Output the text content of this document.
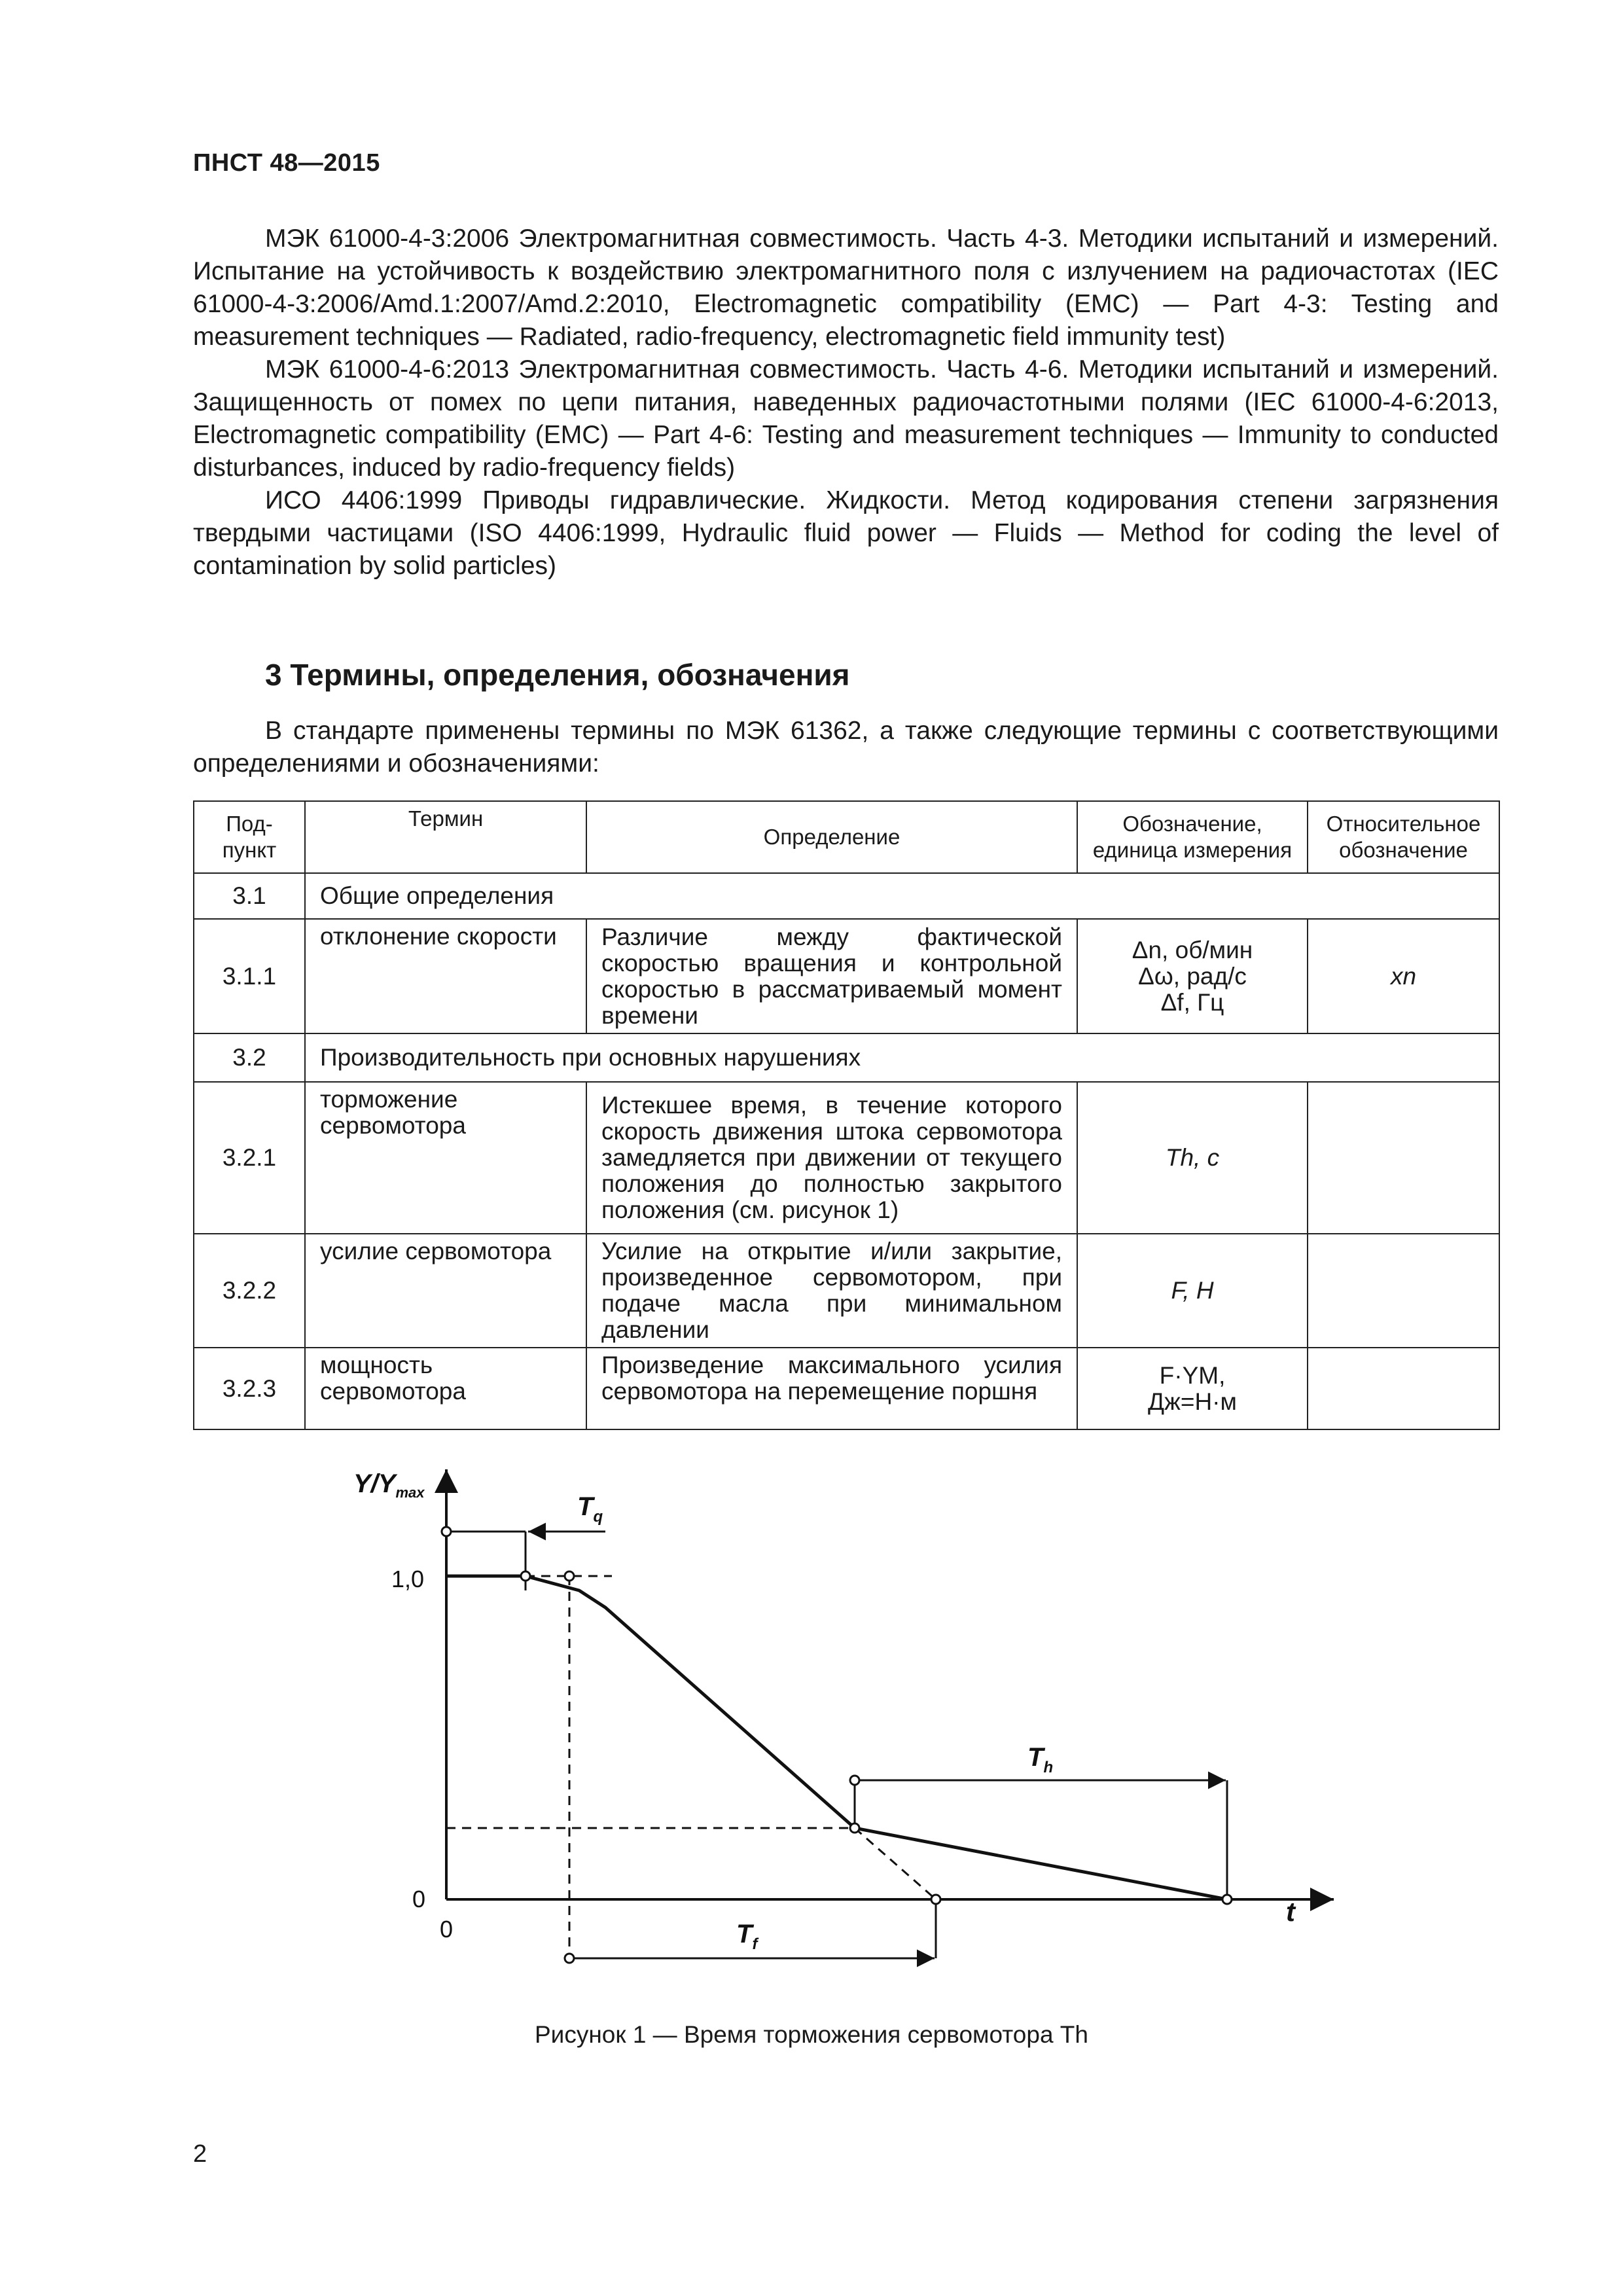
ПНСТ 48—2015

МЭК 61000-4-3:2006 Электромагнитная совместимость. Часть 4-3. Методики испытаний и измерений. Испытание на устойчивость к воздействию электромагнитного поля с излучением на радиочастотах (IEC 61000-4-3:2006/Amd.1:2007/Amd.2:2010, Electromagnetic compatibility (EMC) — Part 4-3: Testing and measurement techniques — Radiated, radio-frequency, electromagnetic field immunity test)

МЭК 61000-4-6:2013 Электромагнитная совместимость. Часть 4-6. Методики испытаний и измерений. Защищенность от помех по цепи питания, наведенных радиочастотными полями (IEC 61000-4-6:2013, Electromagnetic compatibility (EMC) — Part 4-6: Testing and measurement techniques — Immunity to conducted disturbances, induced by radio-frequency fields)

ИСО 4406:1999 Приводы гидравлические. Жидкости. Метод кодирования степени загрязнения твердыми частицами (ISO 4406:1999, Hydraulic fluid power — Fluids — Method for coding the level of contamination by solid particles)

3 Термины, определения, обозначения

В стандарте применены термины по МЭК 61362, а также следующие термины с соответствующими определениями и обозначениями:

Под-пункт	Термин	Определение	Обозначение, единица измерения	Относительное обозначение
3.1	Общие определения			
3.1.1	отклонение скорости	Различие между фактической скоростью вращения и контрольной скоростью в рассматриваемый момент времени	Δn, об/мин
Δω, рад/с
Δf, Гц	xn
3.2	Производительность при основных нарушениях			
3.2.1	торможение сервомотора	Истекшее время, в течение которого скорость движения штока сервомотора замедляется при движении от текущего положения до полностью закрытого положения (см. рисунок 1)	Th, с	
3.2.2	усилие сервомотора	Усилие на открытие и/или закрытие, произведенное сервомотором, при подаче масла при минимальном давлении	F, Н	
3.2.3	мощность сервомотора	Произведение максимального усилия сервомотора на перемещение поршня	F·YМ,
Дж=Н·м	

$Y/Y_{max}$
t
1,0
0
0
$T_q$
$T_h$
$T_f$
Рисунок 1 — Время торможения сервомотора Th
2
